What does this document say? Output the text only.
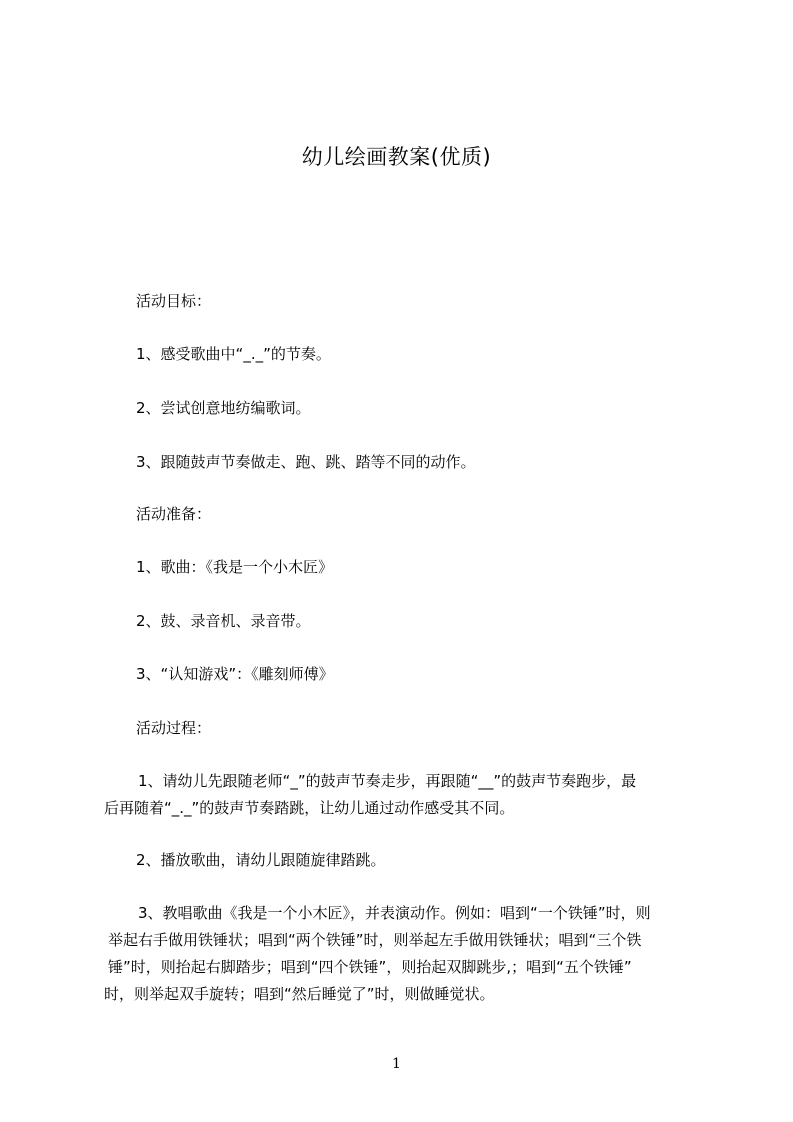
幼儿绘画教案(优质)
活动目标：
1、感受歌曲中“_._”的节奏。
2、尝试创意地纺编歌词。
3、跟随鼓声节奏做走、跑、跳、踏等不同的动作。
活动准备：
1、歌曲：《我是一个小木匠》
2、鼓、录音机、录音带。
3、“认知游戏”：《雕刻师傅》
活动过程：
1、请幼儿先跟随老师“_”的鼓声节奏走步，再跟随“__”的鼓声节奏跑步，最
后再随着“_._”的鼓声节奏踏跳，让幼儿通过动作感受其不同。
2、播放歌曲，请幼儿跟随旋律踏跳。
3、教唱歌曲《我是一个小木匠》，并表演动作。例如：唱到“一个铁锤”时，则
举起右手做用铁锤状；唱到“两个铁锤”时，则举起左手做用铁锤状；唱到“三个铁
锤”时，则抬起右脚踏步；唱到“四个铁锤”，则抬起双脚跳步,；唱到“五个铁锤”
时，则举起双手旋转；唱到“然后睡觉了”时，则做睡觉状。
1
